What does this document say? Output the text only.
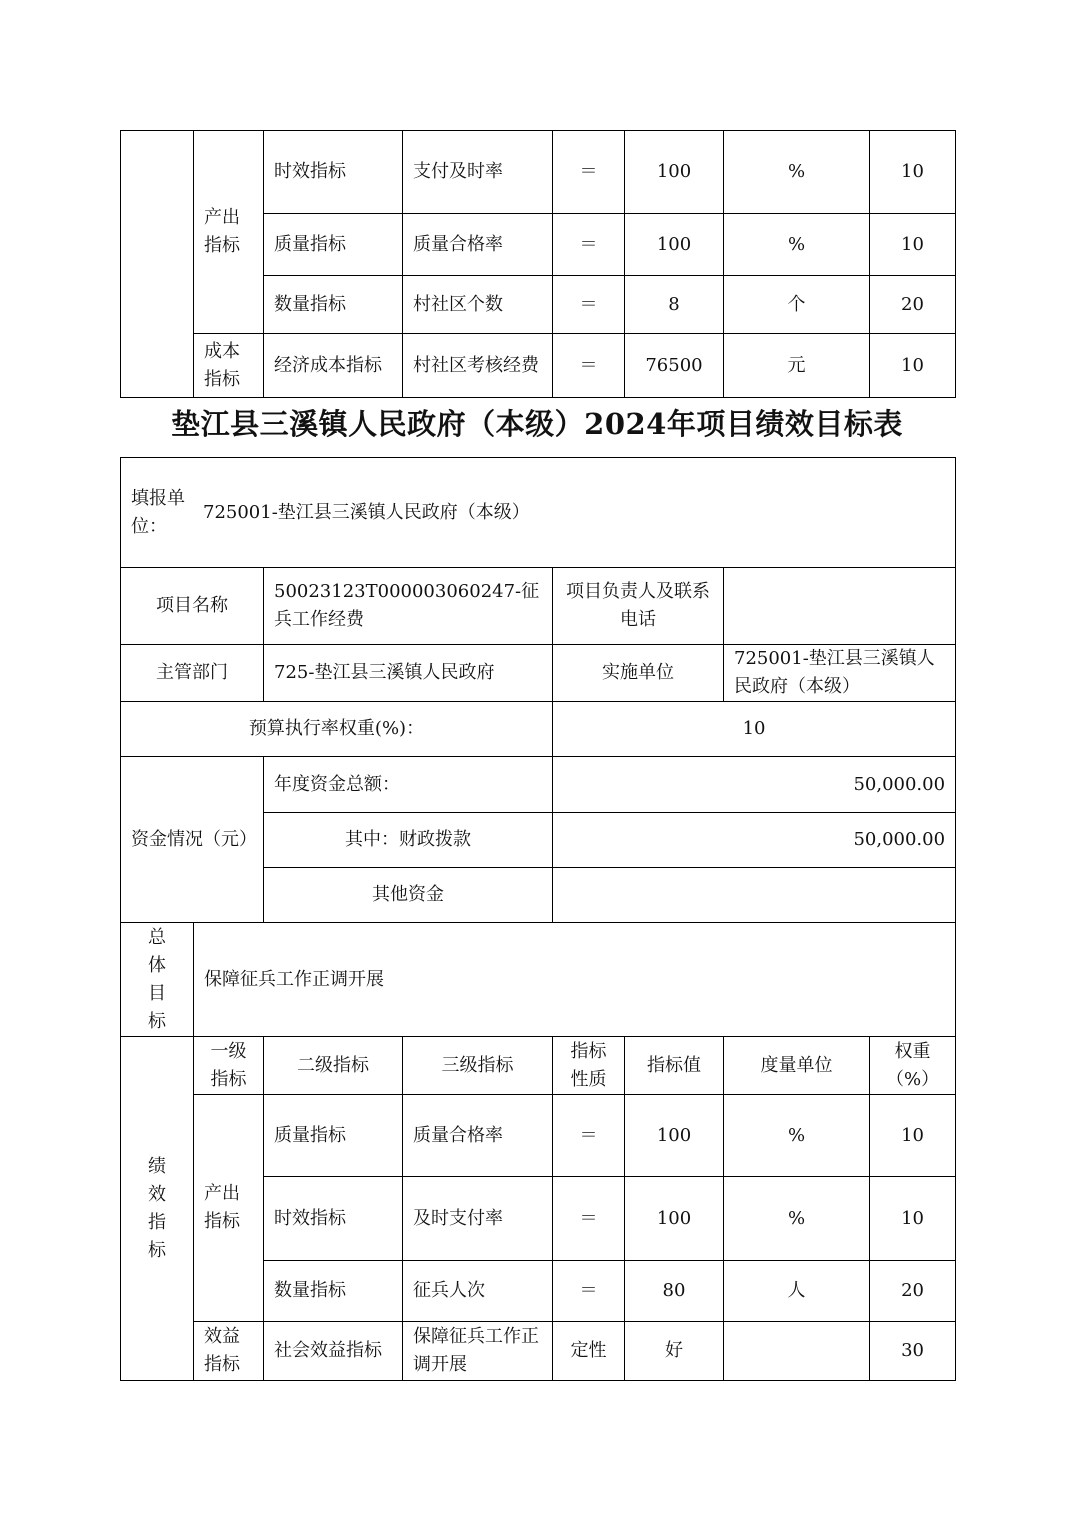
	产出指标	时效指标	支付及时率	＝	100	%	10
		质量指标	质量合格率	＝	100	%	10
		数量指标	村社区个数	＝	8	个	20
	成本指标	经济成本指标	村社区考核经费	＝	76500	元	10
垫江县三溪镇人民政府（本级）2024年项目绩效目标表
填报单位：
725001-垫江县三溪镇人民政府（本级）							

项目名称		50023123T000003060247-征兵工作经费		项目负责人及联系电话			
主管部门		725-垫江县三溪镇人民政府		实施单位		725001-垫江县三溪镇人民政府（本级）	
预算执行率权重(%)：				10			
资金情况（元）		年度资金总额：		50,000.00			
		其中：财政拨款		50,000.00			
		其他资金					

总体目标	保障征兵工作正调开展						

绩效指标	一级指标	二级指标	三级指标	指标性质	指标值	度量单位	权重（%）
	产出指标	质量指标	质量合格率	＝	100	%	10
		时效指标	及时支付率	＝	100	%	10
		数量指标	征兵人次	＝	80	人	20
	效益指标	社会效益指标	保障征兵工作正调开展	定性	好		30
